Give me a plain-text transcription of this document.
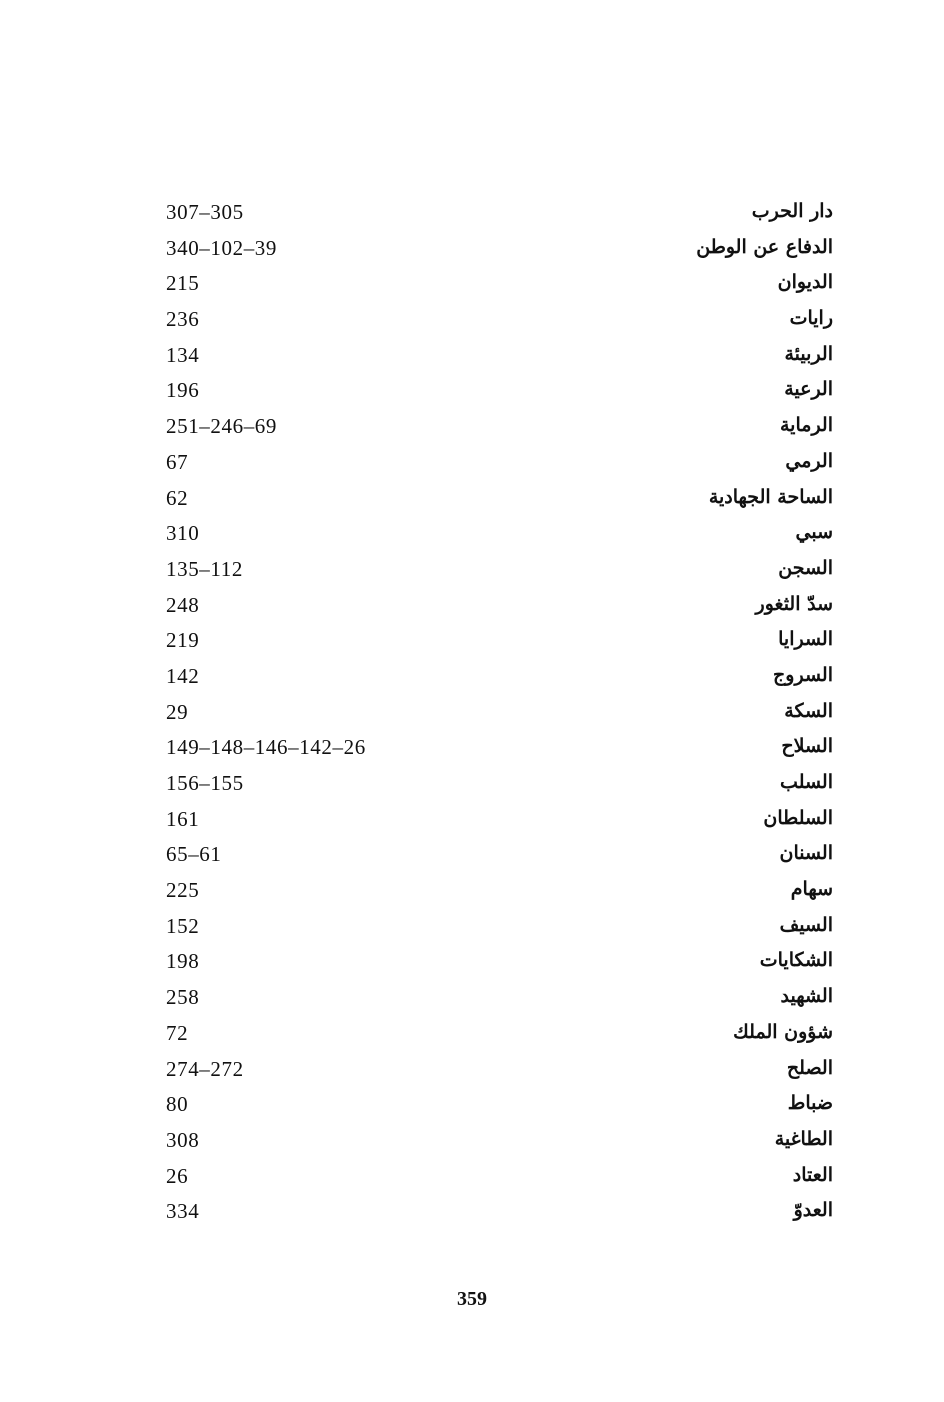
دار الحرب
307–305
الدفاع عن الوطن
340–102–39
الديوان
215
رايات
236
الربيئة
134
الرعية
196
الرماية
251–246–69
الرمي
67
الساحة الجهادية
62
سبي
310
السجن
135–112
سدّ الثغور
248
السرايا
219
السروج
142
السكة
29
السلاح
149–148–146–142–26
السلب
156–155
السلطان
161
السنان
65–61
سهام
225
السيف
152
الشكايات
198
الشهيد
258
شؤون الملك
72
الصلح
274–272
ضباط
80
الطاغية
308
العتاد
26
العدوّ
334

359
